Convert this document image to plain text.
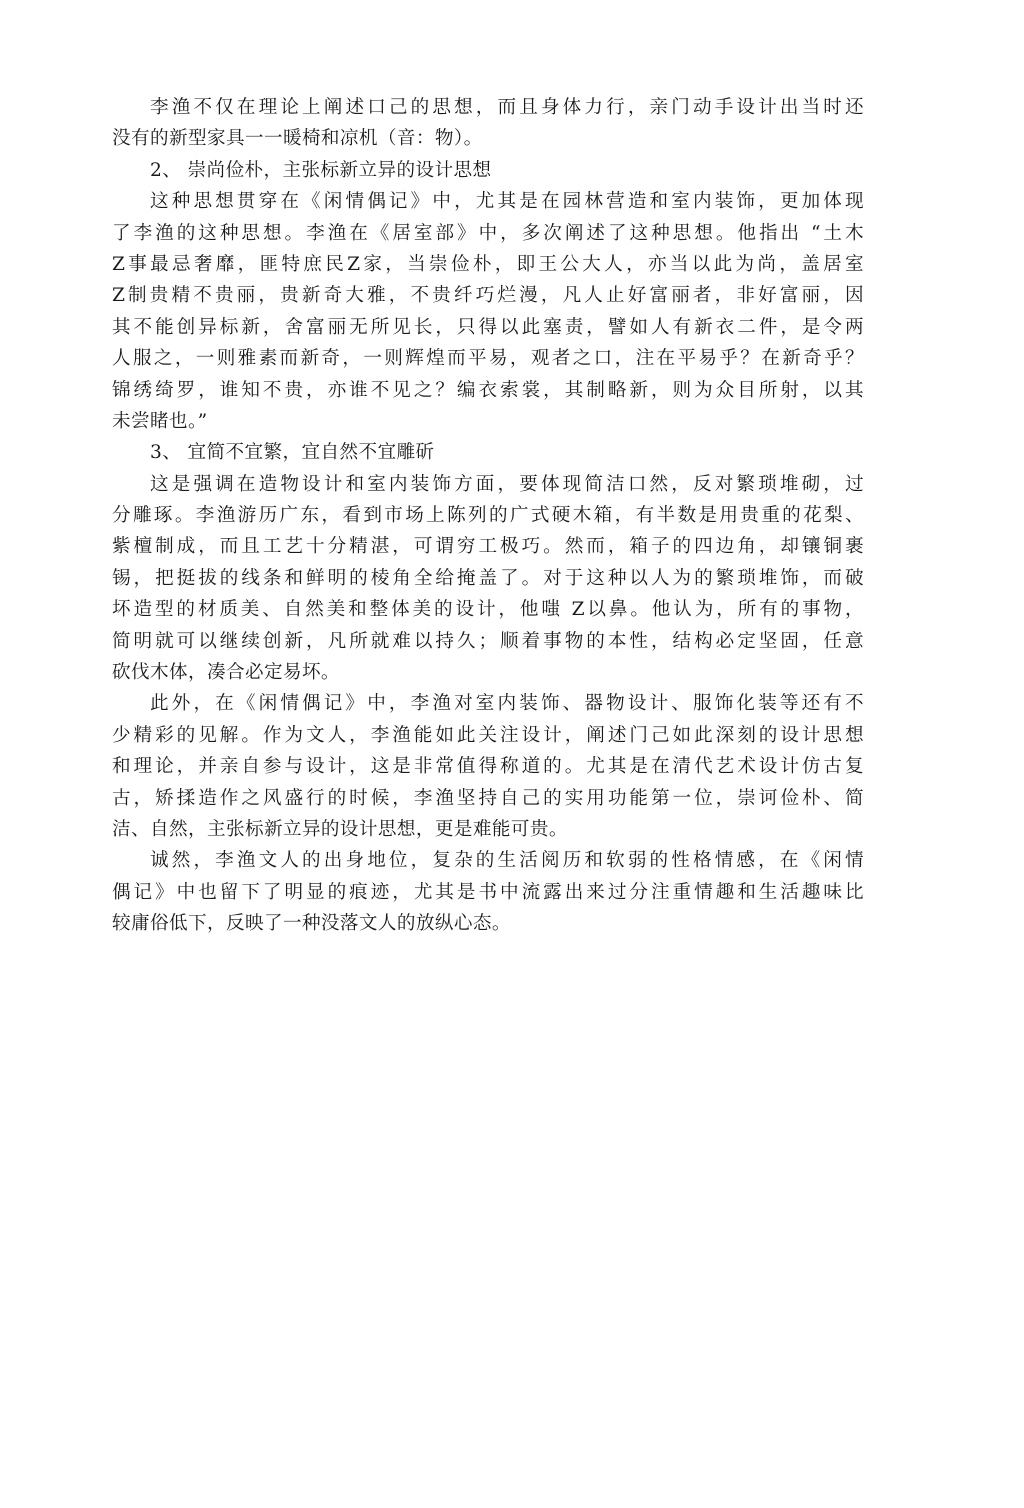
李渔不仅在理论上阐述口己的思想，而且身体力行，亲门动手设计出当时还
没有的新型家具一一暖椅和凉机（音：物）。
2、 崇尚俭朴，主张标新立异的设计思想
这种思想贯穿在《闲情偶记》中，尤其是在园林营造和室内装饰，更加体现
了李渔的这种思想。李渔在《居室部》中，多次阐述了这种思想。他指出 “土木
Z事最忌奢靡，匪特庶民Z家，当崇俭朴，即王公大人，亦当以此为尚，盖居室
Z制贵精不贵丽，贵新奇大雅，不贵纤巧烂漫，凡人止好富丽者，非好富丽，因
其不能创异标新，舍富丽无所见长，只得以此塞责，譬如人有新衣二件，是令两
人服之，一则雅素而新奇，一则辉煌而平易，观者之口，注在平易乎？在新奇乎？
锦绣绮罗，谁知不贵，亦谁不见之？编衣索裳，其制略新，则为众目所射，以其
未尝睹也。”
3、 宜简不宜繁，宜自然不宜雕斫
这是强调在造物设计和室内装饰方面，要体现简洁口然，反对繁琐堆砌，过
分雕琢。李渔游历广东，看到市场上陈列的广式硬木箱，有半数是用贵重的花梨、
紫檀制成，而且工艺十分精湛，可谓穷工极巧。然而，箱子的四边角，却镶铜裹
锡，把挺拔的线条和鲜明的棱角全给掩盖了。对于这种以人为的繁琐堆饰，而破
坏造型的材质美、自然美和整体美的设计，他嗤 Z以鼻。他认为，所有的事物，
简明就可以继续创新，凡所就难以持久；顺着事物的本性，结构必定坚固，任意
砍伐木体，凑合必定易坏。
此外，在《闲情偶记》中，李渔对室内装饰、器物设计、服饰化装等还有不
少精彩的见解。作为文人，李渔能如此关注设计，阐述门己如此深刻的设计思想
和理论，并亲自参与设计，这是非常值得称道的。尤其是在清代艺术设计仿古复
古，矫揉造作之风盛行的时候，李渔坚持自己的实用功能第一位，崇诃俭朴、简
洁、自然，主张标新立异的设计思想，更是难能可贵。
诚然，李渔文人的出身地位，复杂的生活阅历和软弱的性格情感，在《闲情
偶记》中也留下了明显的痕迹，尤其是书中流露出来过分注重情趣和生活趣味比
较庸俗低下，反映了一种没落文人的放纵心态。
